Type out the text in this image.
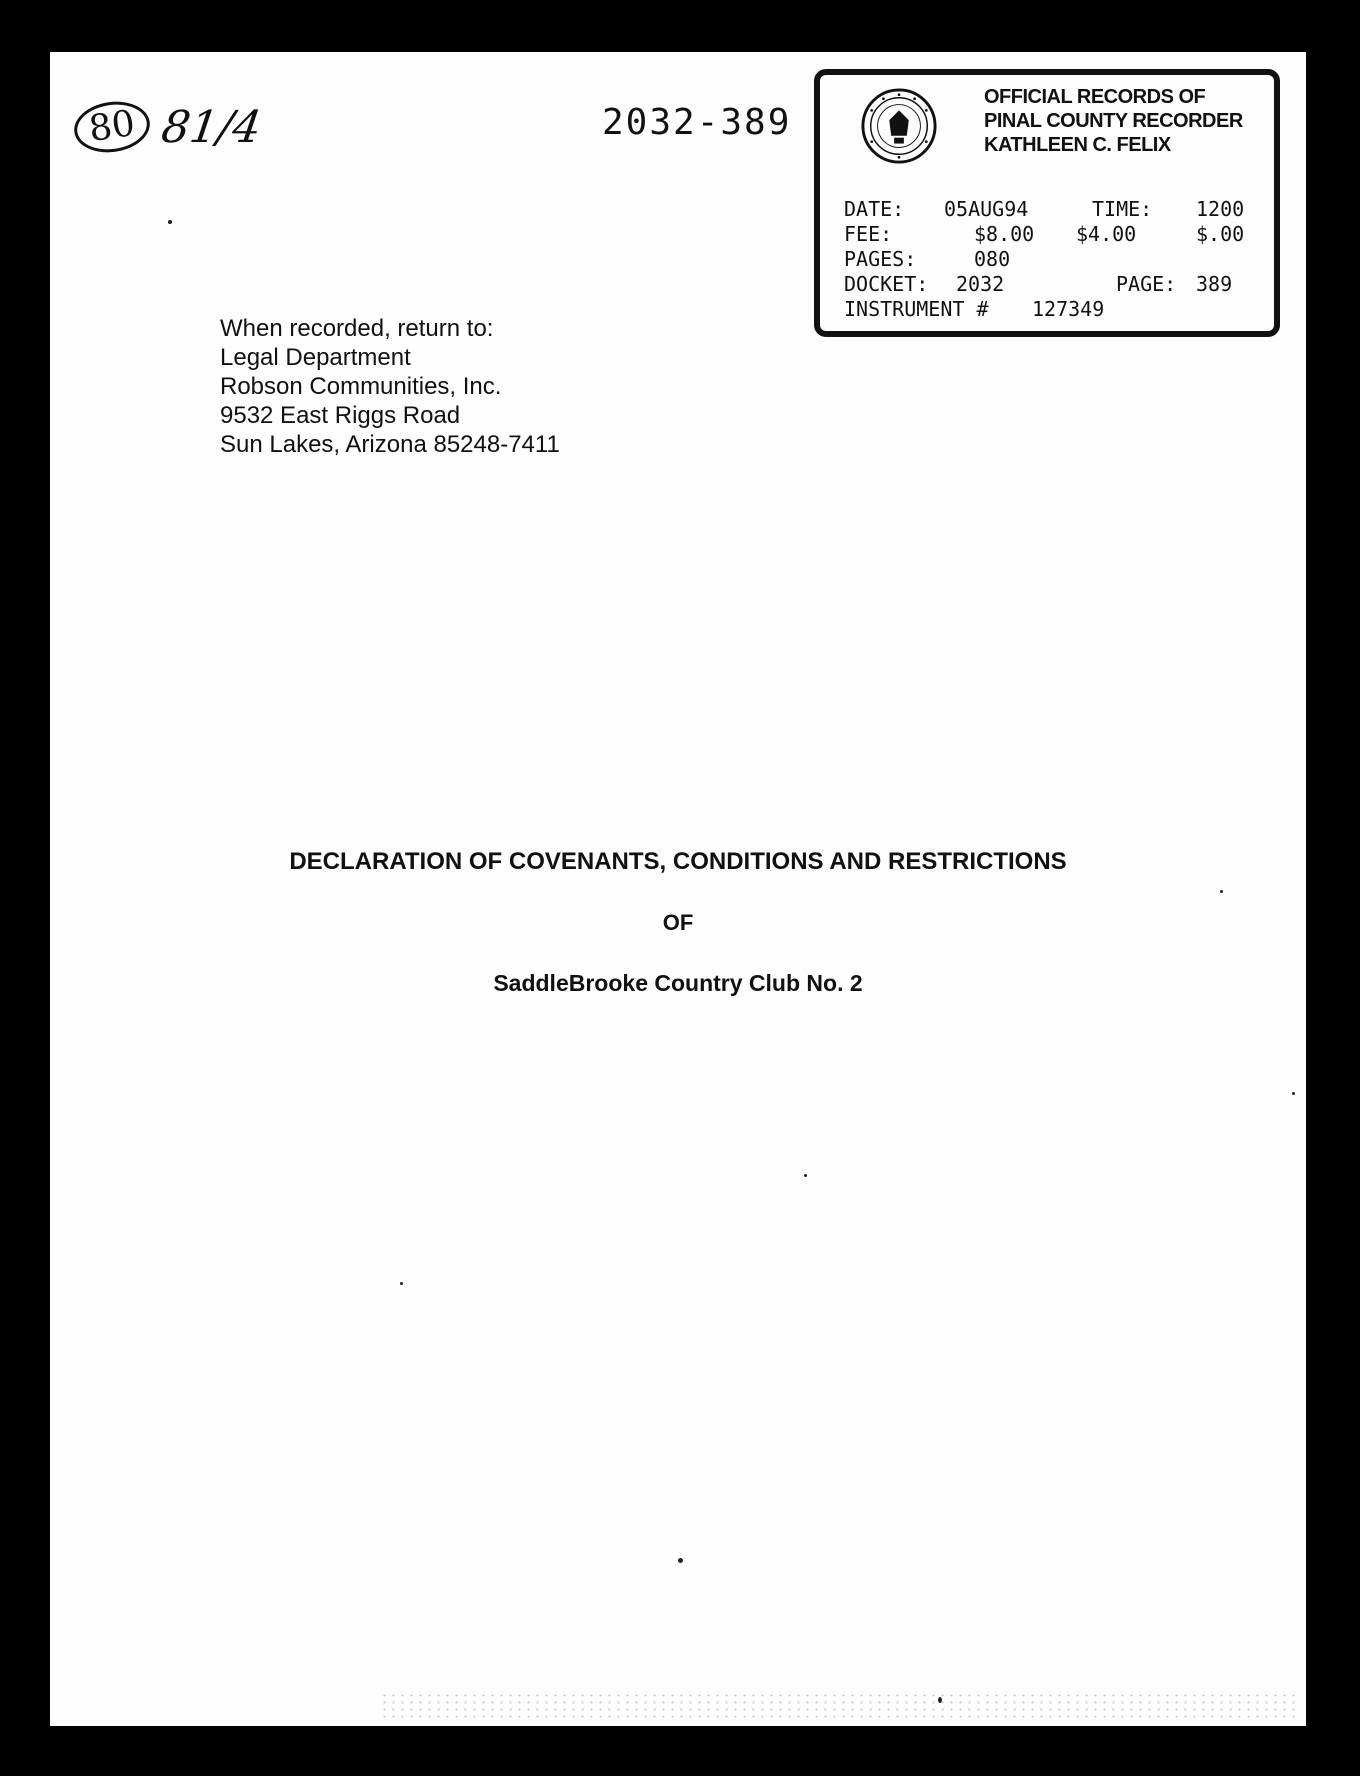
80 81/4	2032-389
OFFICIAL RECORDS OF
PINAL COUNTY RECORDER
KATHLEEN C. FELIX
DATE: 05AUG94	TIME: 1200
FEE:	$8.00 $4.00	$.00
PAGES:	080
DOCKET: 2032	PAGE: 389
INSTRUMENT # 127349
When recorded, return to:
Legal Department
Robson Communities, Inc.
9532 East Riggs Road
Sun Lakes, Arizona 85248-7411
DECLARATION OF COVENANTS, CONDITIONS AND RESTRICTIONS
OF
SaddleBrooke Country Club No. 2
